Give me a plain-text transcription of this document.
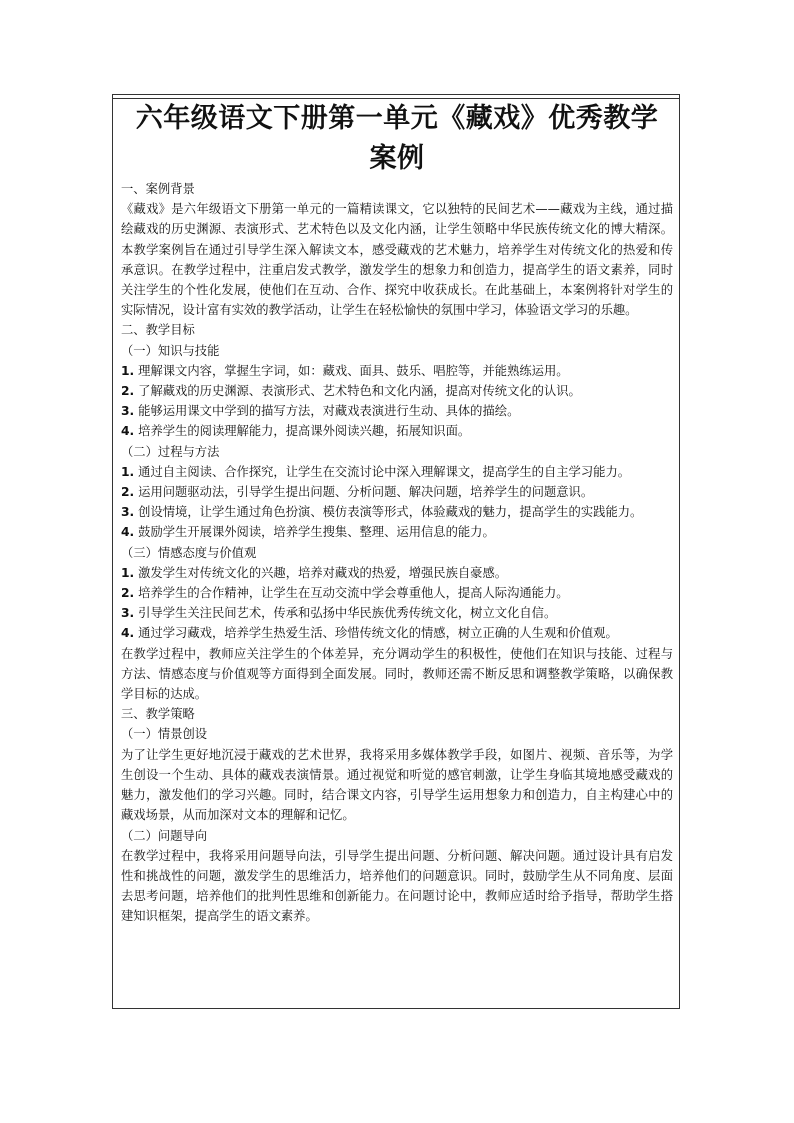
六年级语文下册第一单元《藏戏》优秀教学
案例

一、案例背景

《藏戏》是六年级语文下册第一单元的一篇精读课文，它以独特的民间艺术——藏戏为主线，通过描绘藏戏的历史渊源、表演形式、艺术特色以及文化内涵，让学生领略中华民族传统文化的博大精深。本教学案例旨在通过引导学生深入解读文本，感受藏戏的艺术魅力，培养学生对传统文化的热爱和传承意识。在教学过程中，注重启发式教学，激发学生的想象力和创造力，提高学生的语文素养，同时关注学生的个性化发展，使他们在互动、合作、探究中收获成长。在此基础上，本案例将针对学生的实际情况，设计富有实效的教学活动，让学生在轻松愉快的氛围中学习，体验语文学习的乐趣。

二、教学目标

（一）知识与技能

1. 理解课文内容，掌握生字词，如：藏戏、面具、鼓乐、唱腔等，并能熟练运用。

2. 了解藏戏的历史渊源、表演形式、艺术特色和文化内涵，提高对传统文化的认识。

3. 能够运用课文中学到的描写方法，对藏戏表演进行生动、具体的描绘。

4. 培养学生的阅读理解能力，提高课外阅读兴趣，拓展知识面。

（二）过程与方法

1. 通过自主阅读、合作探究，让学生在交流讨论中深入理解课文，提高学生的自主学习能力。

2. 运用问题驱动法，引导学生提出问题、分析问题、解决问题，培养学生的问题意识。

3. 创设情境，让学生通过角色扮演、模仿表演等形式，体验藏戏的魅力，提高学生的实践能力。

4. 鼓励学生开展课外阅读，培养学生搜集、整理、运用信息的能力。

（三）情感态度与价值观

1. 激发学生对传统文化的兴趣，培养对藏戏的热爱，增强民族自豪感。

2. 培养学生的合作精神，让学生在互动交流中学会尊重他人，提高人际沟通能力。

3. 引导学生关注民间艺术，传承和弘扬中华民族优秀传统文化，树立文化自信。

4. 通过学习藏戏，培养学生热爱生活、珍惜传统文化的情感，树立正确的人生观和价值观。

在教学过程中，教师应关注学生的个体差异，充分调动学生的积极性，使他们在知识与技能、过程与方法、情感态度与价值观等方面得到全面发展。同时，教师还需不断反思和调整教学策略，以确保教学目标的达成。

三、教学策略

（一）情景创设

为了让学生更好地沉浸于藏戏的艺术世界，我将采用多媒体教学手段，如图片、视频、音乐等，为学生创设一个生动、具体的藏戏表演情景。通过视觉和听觉的感官刺激，让学生身临其境地感受藏戏的魅力，激发他们的学习兴趣。同时，结合课文内容，引导学生运用想象力和创造力，自主构建心中的藏戏场景，从而加深对文本的理解和记忆。

（二）问题导向

在教学过程中，我将采用问题导向法，引导学生提出问题、分析问题、解决问题。通过设计具有启发性和挑战性的问题，激发学生的思维活力，培养他们的问题意识。同时，鼓励学生从不同角度、层面去思考问题，培养他们的批判性思维和创新能力。在问题讨论中，教师应适时给予指导，帮助学生搭建知识框架，提高学生的语文素养。
